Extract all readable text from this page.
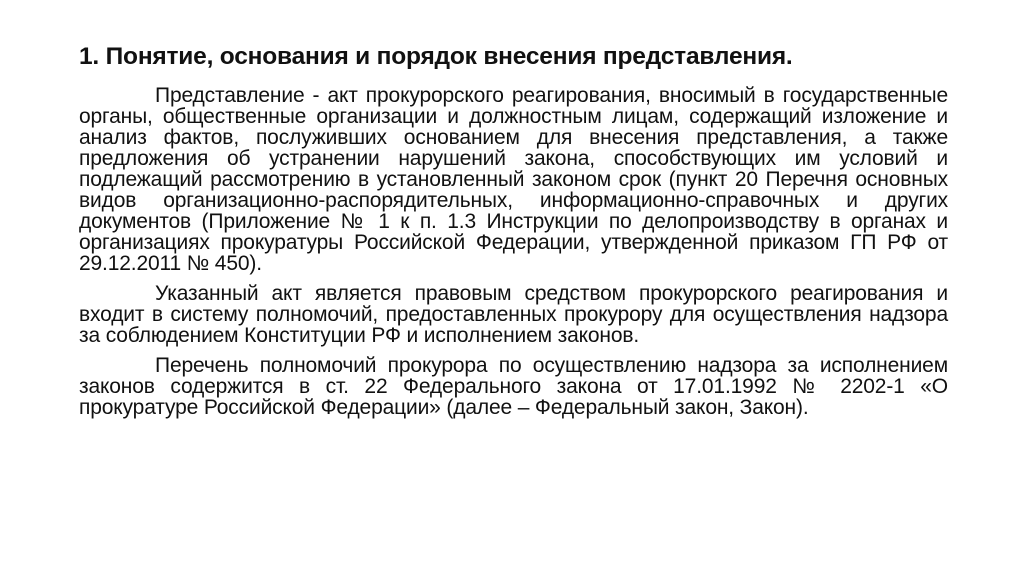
1. Понятие, основания и порядок внесения представления.

Представление - акт прокурорского реагирования, вносимый в государственные органы, общественные организации и должностным лицам, содержащий изложение и анализ фактов, послуживших основанием для внесения представления, а также предложения об устранении нарушений закона, способствующих им условий и подлежащий рассмотрению в установленный законом срок (пункт 20 Перечня основных видов организационно-распорядительных, информационно-справочных и других документов (Приложение № 1 к п. 1.3 Инструкции по делопроизводству в органах и организациях прокуратуры Российской Федерации, утвержденной приказом ГП РФ от 29.12.2011 № 450).

Указанный акт является правовым средством прокурорского реагирования и входит в систему полномочий, предоставленных прокурору для осуществления надзора за соблюдением Конституции РФ и исполнением законов.

Перечень полномочий прокурора по осуществлению надзора за исполнением законов содержится в ст. 22 Федерального закона от 17.01.1992 № 2202-1 «О прокуратуре Российской Федерации» (далее – Федеральный закон, Закон).
